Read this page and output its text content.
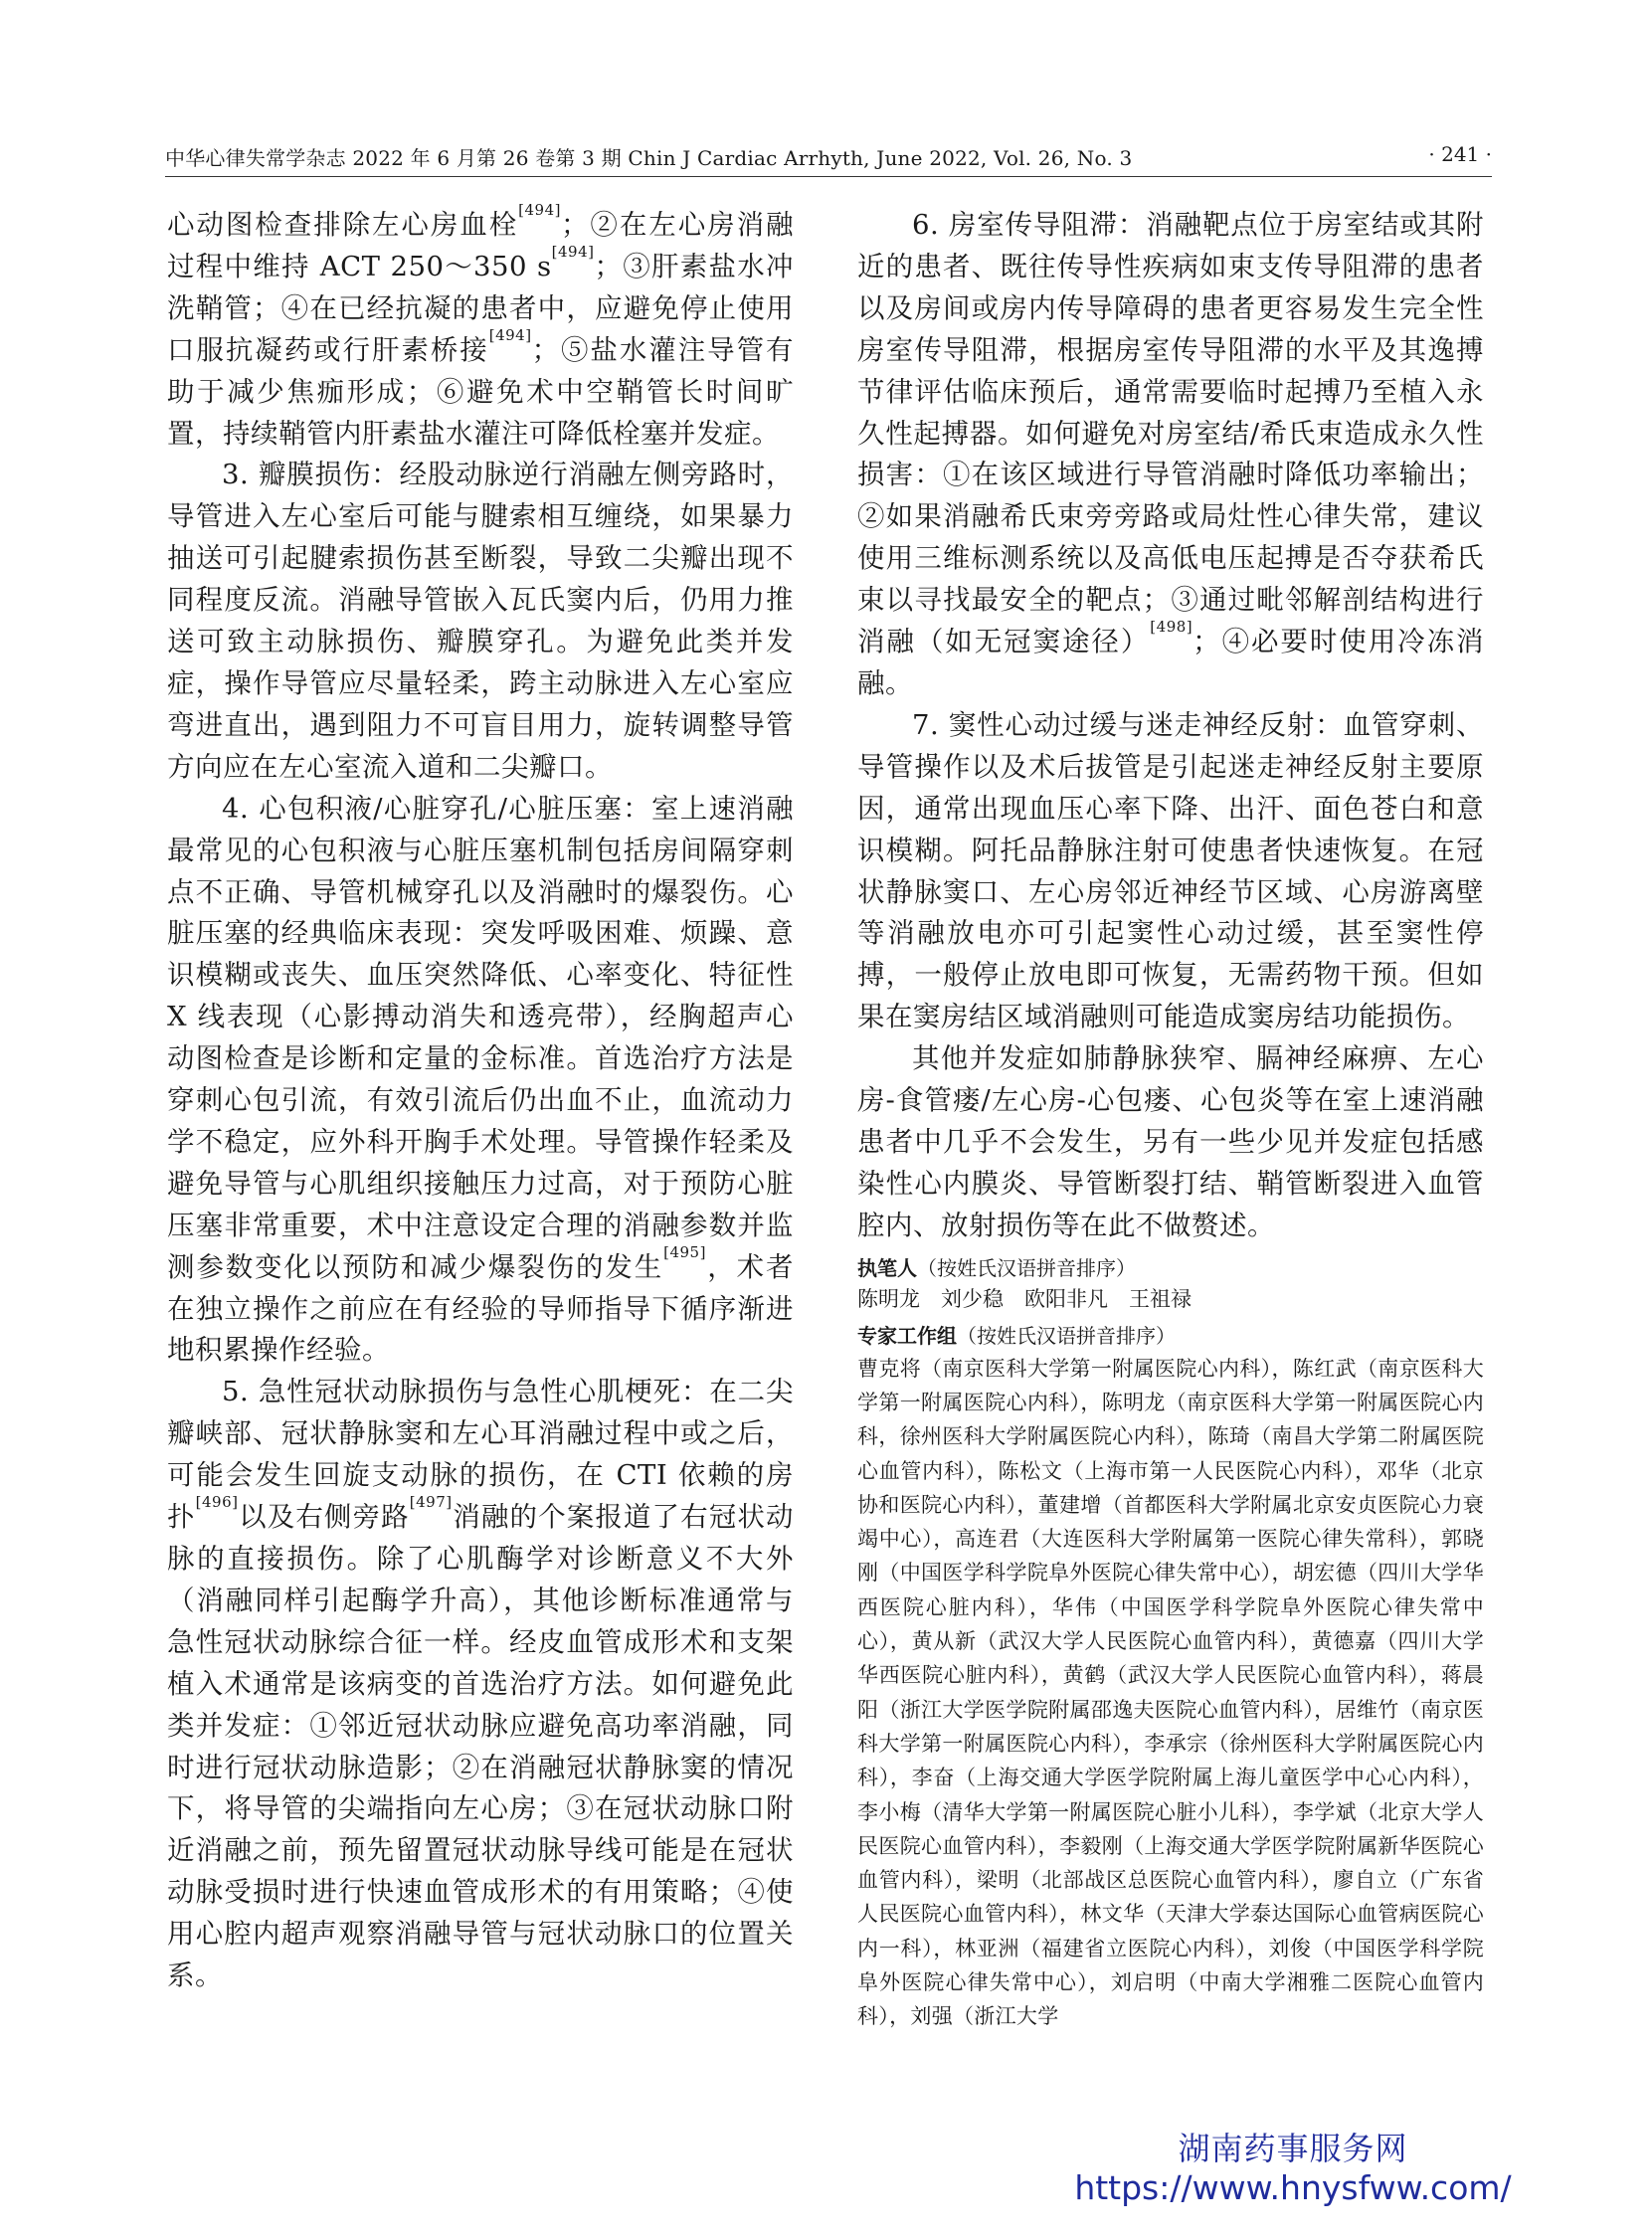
中华心律失常学杂志 2022 年 6 月第 26 卷第 3 期 Chin J Cardiac Arrhyth, June 2022, Vol. 26, No. 3	· 241 ·

心动图检查排除左心房血栓[494]；②在左心房消融过程中维持 ACT 250～350 s[494]；③肝素盐水冲洗鞘管；④在已经抗凝的患者中，应避免停止使用口服抗凝药或行肝素桥接[494]；⑤盐水灌注导管有助于减少焦痂形成；⑥避免术中空鞘管长时间旷置，持续鞘管内肝素盐水灌注可降低栓塞并发症。

3. 瓣膜损伤：经股动脉逆行消融左侧旁路时，导管进入左心室后可能与腱索相互缠绕，如果暴力抽送可引起腱索损伤甚至断裂，导致二尖瓣出现不同程度反流。消融导管嵌入瓦氏窦内后，仍用力推送可致主动脉损伤、瓣膜穿孔。为避免此类并发症，操作导管应尽量轻柔，跨主动脉进入左心室应弯进直出，遇到阻力不可盲目用力，旋转调整导管方向应在左心室流入道和二尖瓣口。

4. 心包积液/心脏穿孔/心脏压塞：室上速消融最常见的心包积液与心脏压塞机制包括房间隔穿刺点不正确、导管机械穿孔以及消融时的爆裂伤。心脏压塞的经典临床表现：突发呼吸困难、烦躁、意识模糊或丧失、血压突然降低、心率变化、特征性 X 线表现（心影搏动消失和透亮带），经胸超声心动图检查是诊断和定量的金标准。首选治疗方法是穿刺心包引流，有效引流后仍出血不止，血流动力学不稳定，应外科开胸手术处理。导管操作轻柔及避免导管与心肌组织接触压力过高，对于预防心脏压塞非常重要，术中注意设定合理的消融参数并监测参数变化以预防和减少爆裂伤的发生[495]，术者在独立操作之前应在有经验的导师指导下循序渐进地积累操作经验。

5. 急性冠状动脉损伤与急性心肌梗死：在二尖瓣峡部、冠状静脉窦和左心耳消融过程中或之后，可能会发生回旋支动脉的损伤，在 CTI 依赖的房扑[496]以及右侧旁路[497]消融的个案报道了右冠状动脉的直接损伤。除了心肌酶学对诊断意义不大外（消融同样引起酶学升高），其他诊断标准通常与急性冠状动脉综合征一样。经皮血管成形术和支架植入术通常是该病变的首选治疗方法。如何避免此类并发症：①邻近冠状动脉应避免高功率消融，同时进行冠状动脉造影；②在消融冠状静脉窦的情况下，将导管的尖端指向左心房；③在冠状动脉口附近消融之前，预先留置冠状动脉导线可能是在冠状动脉受损时进行快速血管成形术的有用策略；④使用心腔内超声观察消融导管与冠状动脉口的位置关系。

6. 房室传导阻滞：消融靶点位于房室结或其附近的患者、既往传导性疾病如束支传导阻滞的患者以及房间或房内传导障碍的患者更容易发生完全性房室传导阻滞，根据房室传导阻滞的水平及其逸搏节律评估临床预后，通常需要临时起搏乃至植入永久性起搏器。如何避免对房室结/希氏束造成永久性损害：①在该区域进行导管消融时降低功率输出；②如果消融希氏束旁旁路或局灶性心律失常，建议使用三维标测系统以及高低电压起搏是否夺获希氏束以寻找最安全的靶点；③通过毗邻解剖结构进行消融（如无冠窦途径）[498]；④必要时使用冷冻消融。

7. 窦性心动过缓与迷走神经反射：血管穿刺、导管操作以及术后拔管是引起迷走神经反射主要原因，通常出现血压心率下降、出汗、面色苍白和意识模糊。阿托品静脉注射可使患者快速恢复。在冠状静脉窦口、左心房邻近神经节区域、心房游离壁等消融放电亦可引起窦性心动过缓，甚至窦性停搏，一般停止放电即可恢复，无需药物干预。但如果在窦房结区域消融则可能造成窦房结功能损伤。

其他并发症如肺静脉狭窄、膈神经麻痹、左心房-食管瘘/左心房-心包瘘、心包炎等在室上速消融患者中几乎不会发生，另有一些少见并发症包括感染性心内膜炎、导管断裂打结、鞘管断裂进入血管腔内、放射损伤等在此不做赘述。

执笔人（按姓氏汉语拼音排序）
陈明龙　刘少稳　欧阳非凡　王祖禄
专家工作组（按姓氏汉语拼音排序）
曹克将（南京医科大学第一附属医院心内科），陈红武（南京医科大学第一附属医院心内科），陈明龙（南京医科大学第一附属医院心内科，徐州医科大学附属医院心内科），陈琦（南昌大学第二附属医院心血管内科），陈松文（上海市第一人民医院心内科），邓华（北京协和医院心内科），董建增（首都医科大学附属北京安贞医院心力衰竭中心），高连君（大连医科大学附属第一医院心律失常科），郭晓刚（中国医学科学院阜外医院心律失常中心），胡宏德（四川大学华西医院心脏内科），华伟（中国医学科学院阜外医院心律失常中心），黄从新（武汉大学人民医院心血管内科），黄德嘉（四川大学华西医院心脏内科），黄鹤（武汉大学人民医院心血管内科），蒋晨阳（浙江大学医学院附属邵逸夫医院心血管内科），居维竹（南京医科大学第一附属医院心内科），李承宗（徐州医科大学附属医院心内科），李奋（上海交通大学医学院附属上海儿童医学中心心内科），李小梅（清华大学第一附属医院心脏小儿科），李学斌（北京大学人民医院心血管内科），李毅刚（上海交通大学医学院附属新华医院心血管内科），梁明（北部战区总医院心血管内科），廖自立（广东省人民医院心血管内科），林文华（天津大学泰达国际心血管病医院心内一科），林亚洲（福建省立医院心内科），刘俊（中国医学科学院阜外医院心律失常中心），刘启明（中南大学湘雅二医院心血管内科），刘强（浙江大学
湖南药事服务网
https://www.hnysfww.com/
